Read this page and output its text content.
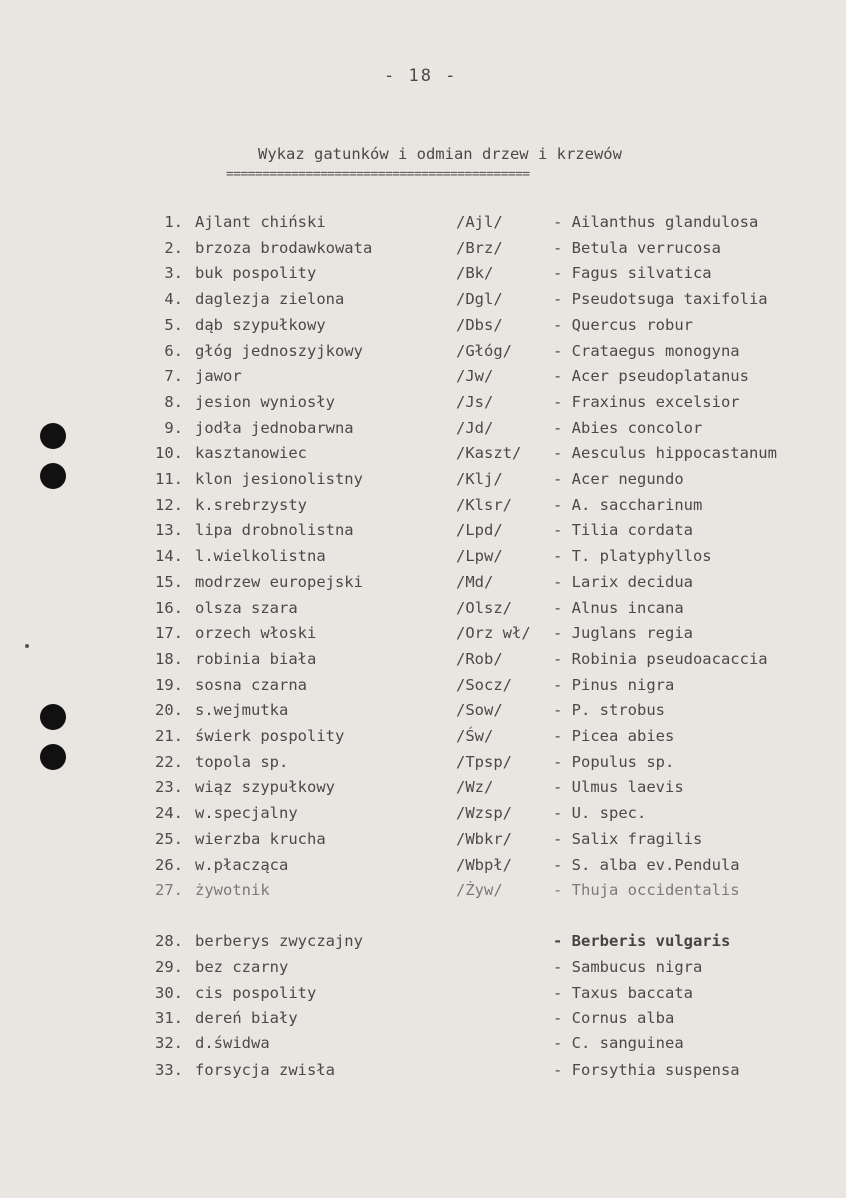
- 18 -
Wykaz gatunków i odmian drzew i krzewów
==========================================
1. Ajlant chiński	/Ajl/	- Ailanthus glandulosa
2. brzoza brodawkowata	/Brz/	- Betula verrucosa
3. buk pospolity	/Bk/	- Fagus silvatica
4. daglezja zielona	/Dgl/	- Pseudotsuga taxifolia
5. dąb szypułkowy	/Dbs/	- Quercus robur
6. głóg jednoszyjkowy	/Głóg/	- Crataegus monogyna
7. jawor	/Jw/	- Acer pseudoplatanus
8. jesion wyniosły	/Js/	- Fraxinus excelsior
9. jodła jednobarwna	/Jd/	- Abies concolor
10. kasztanowiec	/Kaszt/ - Aesculus hippocastanum
11. klon jesionolistny	/Klj/	- Acer negundo
12. k.srebrzysty	/Klsr/	- A. saccharinum
13. lipa drobnolistna	/Lpd/	- Tilia cordata
14. l.wielkolistna	/Lpw/	- T. platyphyllos
15. modrzew europejski	/Md/	- Larix decidua
16. olsza szara	/Olsz/	- Alnus incana
17. orzech włoski	/Orz wł/ - Juglans regia
18. robinia biała	/Rob/	- Robinia pseudoacaccia
19. sosna czarna	/Socz/	- Pinus nigra
20. s.wejmutka	/Sow/	- P. strobus
21. świerk pospolity	/Św/	- Picea abies
22. topola sp.	/Tpsp/	- Populus sp.
23. wiąz szypułkowy	/Wz/	- Ulmus laevis
24. w.specjalny	/Wzsp/	- U. spec.
25. wierzba krucha	/Wbkr/	- Salix fragilis
26. w.płacząca	/Wbpł/	- S. alba ev.Pendula
27. żywotnik	/Żyw/	- Thuja occidentalis
28. berberys zwyczajny	- Berberis vulgaris
29. bez czarny	- Sambucus nigra
30. cis pospolity	- Taxus baccata
31. dereń biały	- Cornus alba
32. d.świdwa	- C. sanguinea
33. forsycja zwisła	- Forsythia suspensa
